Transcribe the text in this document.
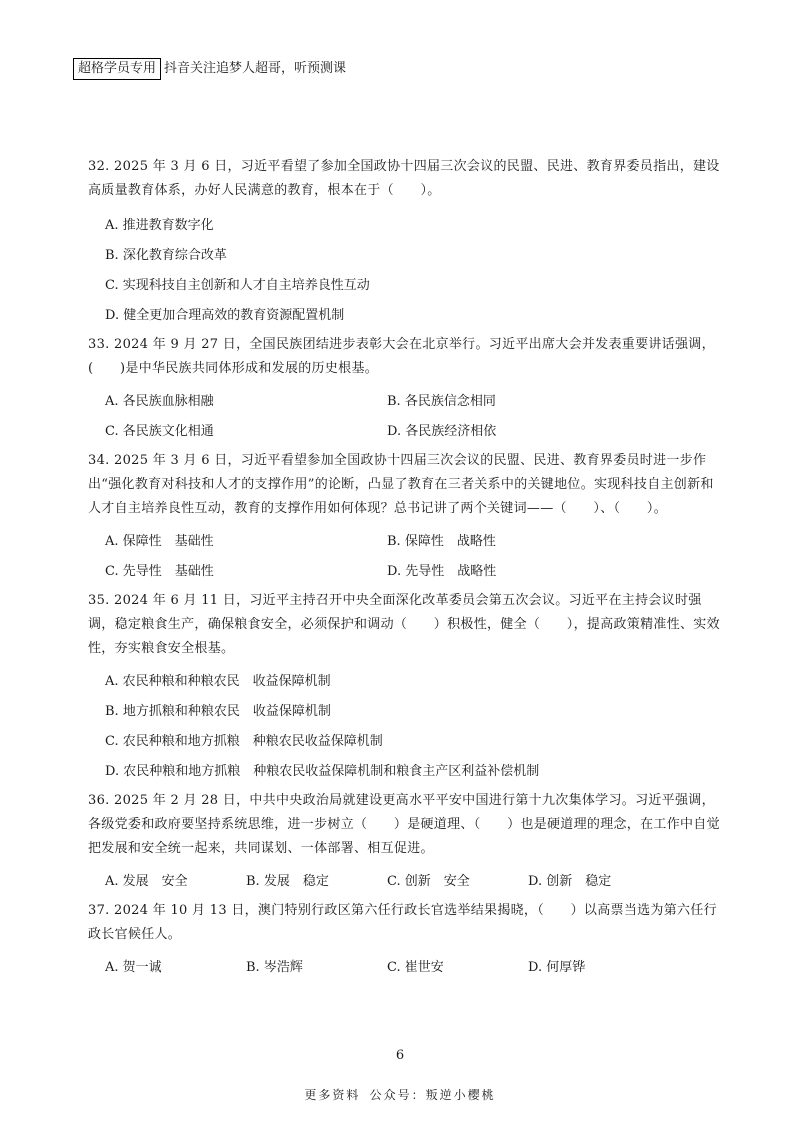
超格学员专用 抖音关注追梦人超哥，听预测课
32. 2025 年 3 月 6 日，习近平看望了参加全国政协十四届三次会议的民盟、民进、教育界委员指出，建设高质量教育体系，办好人民满意的教育，根本在于（　　）。
A. 推进教育数字化
B. 深化教育综合改革
C. 实现科技自主创新和人才自主培养良性互动
D. 健全更加合理高效的教育资源配置机制
33. 2024 年 9 月 27 日，全国民族团结进步表彰大会在北京举行。习近平出席大会并发表重要讲话强调，(　　)是中华民族共同体形成和发展的历史根基。
A. 各民族血脉相融	B. 各民族信念相同
C. 各民族文化相通	D. 各民族经济相依
34. 2025 年 3 月 6 日，习近平看望参加全国政协十四届三次会议的民盟、民进、教育界委员时进一步作出“强化教育对科技和人才的支撑作用”的论断，凸显了教育在三者关系中的关键地位。实现科技自主创新和人才自主培养良性互动，教育的支撑作用如何体现？总书记讲了两个关键词——（　　）、（　　）。
A. 保障性　基础性	B. 保障性　战略性
C. 先导性　基础性	D. 先导性　战略性
35. 2024 年 6 月 11 日，习近平主持召开中央全面深化改革委员会第五次会议。习近平在主持会议时强调，稳定粮食生产，确保粮食安全，必须保护和调动（　　）积极性，健全（　　），提高政策精准性、实效性，夯实粮食安全根基。
A. 农民种粮和种粮农民　收益保障机制
B. 地方抓粮和种粮农民　收益保障机制
C. 农民种粮和地方抓粮　种粮农民收益保障机制
D. 农民种粮和地方抓粮　种粮农民收益保障机制和粮食主产区利益补偿机制
36. 2025 年 2 月 28 日，中共中央政治局就建设更高水平平安中国进行第十九次集体学习。习近平强调，各级党委和政府要坚持系统思维，进一步树立（　　）是硬道理、（　　）也是硬道理的理念，在工作中自觉把发展和安全统一起来，共同谋划、一体部署、相互促进。
A. 发展　安全	B. 发展　稳定	C. 创新　安全	D. 创新　稳定
37. 2024 年 10 月 13 日，澳门特别行政区第六任行政长官选举结果揭晓，（　　）以高票当选为第六任行政长官候任人。
A. 贺一诚	B. 岑浩辉	C. 崔世安	D. 何厚铧
6
更多资料 公众号：叛逆小樱桃
